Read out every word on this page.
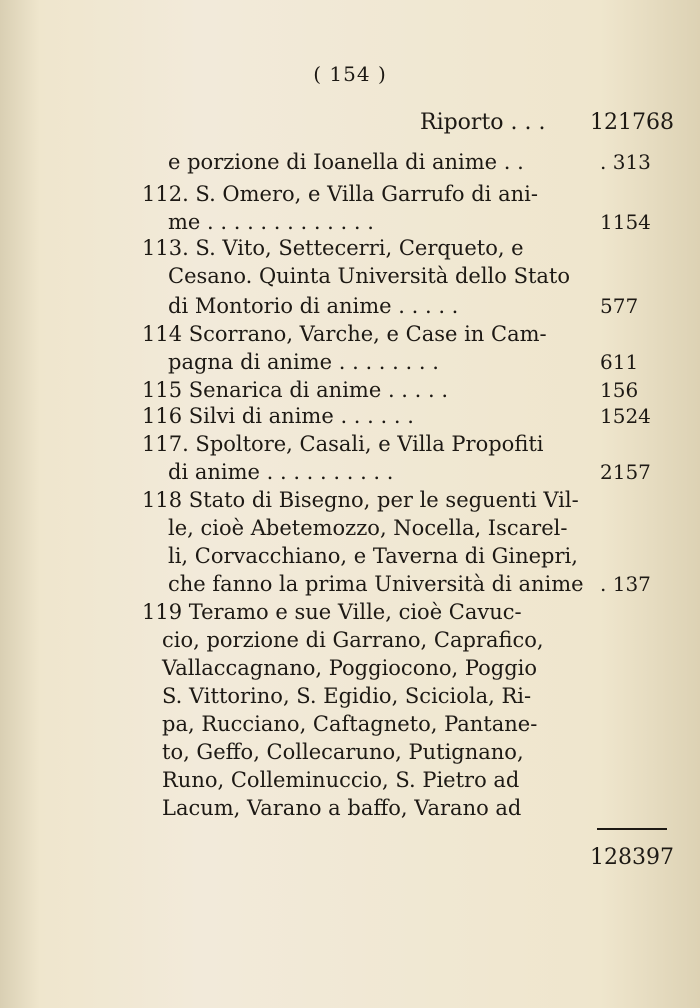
( 154 )
Riporto . . . 121768
e porzione di Ioanella di anime . .	. 313
112. S. Omero, e Villa Garrufo di ani-
me . . . . . . . . . . . . .	1154
113. S. Vito, Settecerri, Cerqueto, e
Cesano. Quinta Università dello Stato
di Montorio di anime . . . . .	577
114 Scorrano, Varche, e Case in Cam-
pagna di anime . . . . . . . .	611
115 Senarica di anime . . . . .	156
116 Silvi di anime . . . . . .	1524
117. Spoltore, Casali, e Villa Propofiti
di anime . . . . . . . . . .	2157
118 Stato di Bisegno, per le seguenti Vil-
le, cioè Abetemozzo, Nocella, Iscarel-
li, Corvacchiano, e Taverna di Ginepri,
che fanno la prima Università di anime . 137
119 Teramo e sue Ville, cioè Cavuc-
cio, porzione di Garrano, Caprafico,
Vallaccagnano, Poggiocono, Poggio
S. Vittorino, S. Egidio, Sciciola, Ri-
pa, Rucciano, Caftagneto, Pantane-
to, Geffo, Collecaruno, Putignano,
Runo, Colleminuccio, S. Pietro ad
Lacum, Varano a baffo, Varano ad
128397
